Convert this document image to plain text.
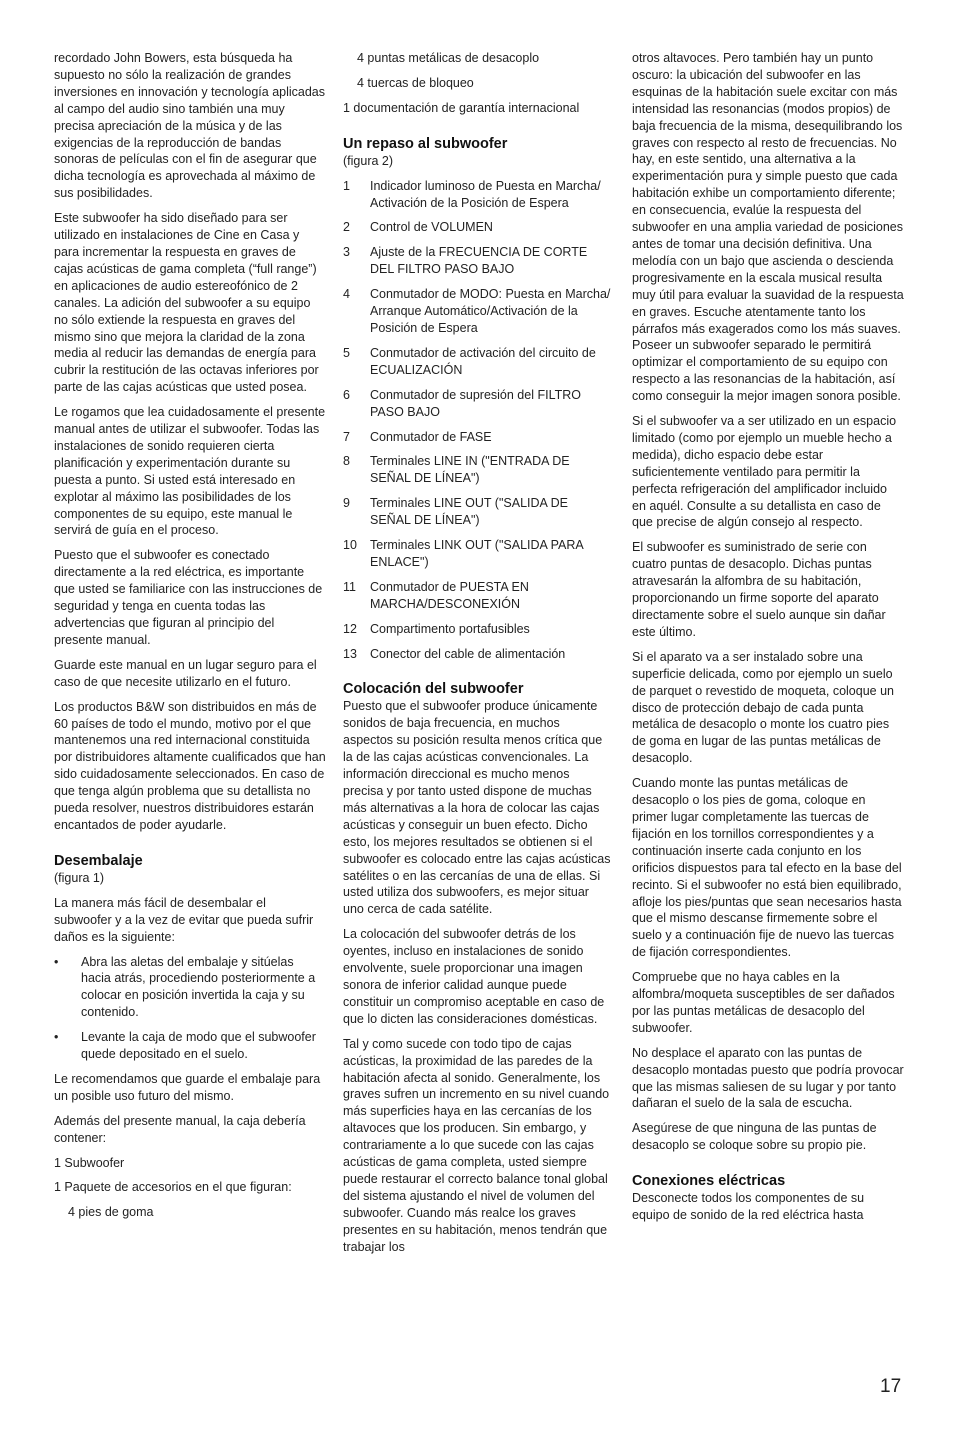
recordado John Bowers, esta búsqueda ha supuesto no sólo la realización de grandes inversiones en innovación y tecnología aplicadas al campo del audio sino también una muy precisa apreciación de la música y de las exigencias de la reproducción de bandas sonoras de películas con el fin de asegurar que dicha tecnología es aprovechada al máximo de sus posibilidades.

Este subwoofer ha sido diseñado para ser utilizado en instalaciones de Cine en Casa y para incrementar la respuesta en graves de cajas acústicas de gama completa (“full range”) en aplicaciones de audio estereofónico de 2 canales. La adición del subwoofer a su equipo no sólo extiende la respuesta en graves del mismo sino que mejora la claridad de la zona media al reducir las demandas de energía para cubrir la restitución de las octavas inferiores por parte de las cajas acústicas que usted posea.

Le rogamos que lea cuidadosamente el presente manual antes de utilizar el subwoofer. Todas las instalaciones de sonido requieren cierta planificación y experimentación durante su puesta a punto. Si usted está interesado en explotar al máximo las posibilidades de los componentes de su equipo, este manual le servirá de guía en el proceso.

Puesto que el subwoofer es conectado directamente a la red eléctrica, es importante que usted se familiarice con las instrucciones de seguridad y tenga en cuenta todas las advertencias que figuran al principio del presente manual.

Guarde este manual en un lugar seguro para el caso de que necesite utilizarlo en el futuro.

Los productos B&W son distribuidos en más de 60 países de todo el mundo, motivo por el que mantenemos una red internacional constituida por distribuidores altamente cualificados que han sido cuidadosamente seleccionados. En caso de que tenga algún problema que su detallista no pueda resolver, nuestros distribuidores estarán encantados de poder ayudarle.

Desembalaje
(figura 1)

La manera más fácil de desembalar el subwoofer y a la vez de evitar que pueda sufrir daños es la siguiente:

•	Abra las aletas del embalaje y sitúelas hacia atrás, procediendo posteriormente a colocar en posición invertida la caja y su contenido.
•	Levante la caja de modo que el subwoofer quede depositado en el suelo.

Le recomendamos que guarde el embalaje para un posible uso futuro del mismo.

Además del presente manual, la caja debería contener:

1 Subwoofer

1 Paquete de accesorios en el que figuran:

4 pies de goma

4 puntas metálicas de desacoplo

4 tuercas de bloqueo

1 documentación de garantía internacional

Un repaso al subwoofer
(figura 2)
1	Indicador luminoso de Puesta en Marcha/ Activación de la Posición de Espera
2	Control de VOLUMEN
3	Ajuste de la FRECUENCIA DE CORTE DEL FILTRO PASO BAJO
4	Conmutador de MODO: Puesta en Marcha/ Arranque Automático/Activación de la Posición de Espera
5	Conmutador de activación del circuito de ECUALIZACIÓN
6	Conmutador de supresión del FILTRO PASO BAJO
7	Conmutador de FASE
8	Terminales LINE IN ("ENTRADA DE SEÑAL DE LÍNEA")
9	Terminales LINE OUT ("SALIDA DE SEÑAL DE LÍNEA")
10	Terminales LINK OUT ("SALIDA PARA ENLACE")
11	Conmutador de PUESTA EN MARCHA/DESCONEXIÓN
12	Compartimento portafusibles
13	Conector del cable de alimentación
Colocación del subwoofer

Puesto que el subwoofer produce únicamente sonidos de baja frecuencia, en muchos aspectos su posición resulta menos crítica que la de las cajas acústicas convencionales. La información direccional es mucho menos precisa y por tanto usted dispone de muchas más alternativas a la hora de colocar las cajas acústicas y conseguir un buen efecto. Dicho esto, los mejores resultados se obtienen si el subwoofer es colocado entre las cajas acústicas satélites o en las cercanías de una de ellas. Si usted utiliza dos subwoofers, es mejor situar uno cerca de cada satélite.

La colocación del subwoofer detrás de los oyentes, incluso en instalaciones de sonido envolvente, suele proporcionar una imagen sonora de inferior calidad aunque puede constituir un compromiso aceptable en caso de que lo dicten las consideraciones domésticas.

Tal y como sucede con todo tipo de cajas acústicas, la proximidad de las paredes de la habitación afecta al sonido. Generalmente, los graves sufren un incremento en su nivel cuando más superficies haya en las cercanías de los altavoces que los producen. Sin embargo, y contrariamente a lo que sucede con las cajas acústicas de gama completa, usted siempre puede restaurar el correcto balance tonal global del sistema ajustando el nivel de volumen del subwoofer. Cuando más realce los graves presentes en su habitación, menos tendrán que trabajar los

otros altavoces. Pero también hay un punto oscuro: la ubicación del subwoofer en las esquinas de la habitación suele excitar con más intensidad las resonancias (modos propios) de baja frecuencia de la misma, desequilibrando los graves con respecto al resto de frecuencias. No hay, en este sentido, una alternativa a la experimentación pura y simple puesto que cada habitación exhibe un comportamiento diferente; en consecuencia, evalúe la respuesta del subwoofer en una amplia variedad de posiciones antes de tomar una decisión definitiva. Una melodía con un bajo que ascienda o descienda progresivamente en la escala musical resulta muy útil para evaluar la suavidad de la respuesta en graves. Escuche atentamente tanto los párrafos más exagerados como los más suaves. Poseer un subwoofer separado le permitirá optimizar el comportamiento de su equipo con respecto a las resonancias de la habitación, así como conseguir la mejor imagen sonora posible.

Si el subwoofer va a ser utilizado en un espacio limitado (como por ejemplo un mueble hecho a medida), dicho espacio debe estar suficientemente ventilado para permitir la perfecta refrigeración del amplificador incluido en aquél. Consulte a su detallista en caso de que precise de algún consejo al respecto.

El subwoofer es suministrado de serie con cuatro puntas de desacoplo. Dichas puntas atravesarán la alfombra de su habitación, proporcionando un firme soporte del aparato directamente sobre el suelo aunque sin dañar este último.

Si el aparato va a ser instalado sobre una superficie delicada, como por ejemplo un suelo de parquet o revestido de moqueta, coloque un disco de protección debajo de cada punta metálica de desacoplo o monte los cuatro pies de goma en lugar de las puntas metálicas de desacoplo.

Cuando monte las puntas metálicas de desacoplo o los pies de goma, coloque en primer lugar completamente las tuercas de fijación en los tornillos correspondientes y a continuación inserte cada conjunto en los orificios dispuestos para tal efecto en la base del recinto. Si el subwoofer no está bien equilibrado, afloje los pies/puntas que sean necesarios hasta que el mismo descanse firmemente sobre el suelo y a continuación fije de nuevo las tuercas de fijación correspondientes.

Compruebe que no haya cables en la alfombra/moqueta susceptibles de ser dañados por las puntas metálicas de desacoplo del subwoofer.

No desplace el aparato con las puntas de desacoplo montadas puesto que podría provocar que las mismas saliesen de su lugar y por tanto dañaran el suelo de la sala de escucha.

Asegúrese de que ninguna de las puntas de desacoplo se coloque sobre su propio pie.

Conexiones eléctricas

Desconecte todos los componentes de su equipo de sonido de la red eléctrica hasta

17
